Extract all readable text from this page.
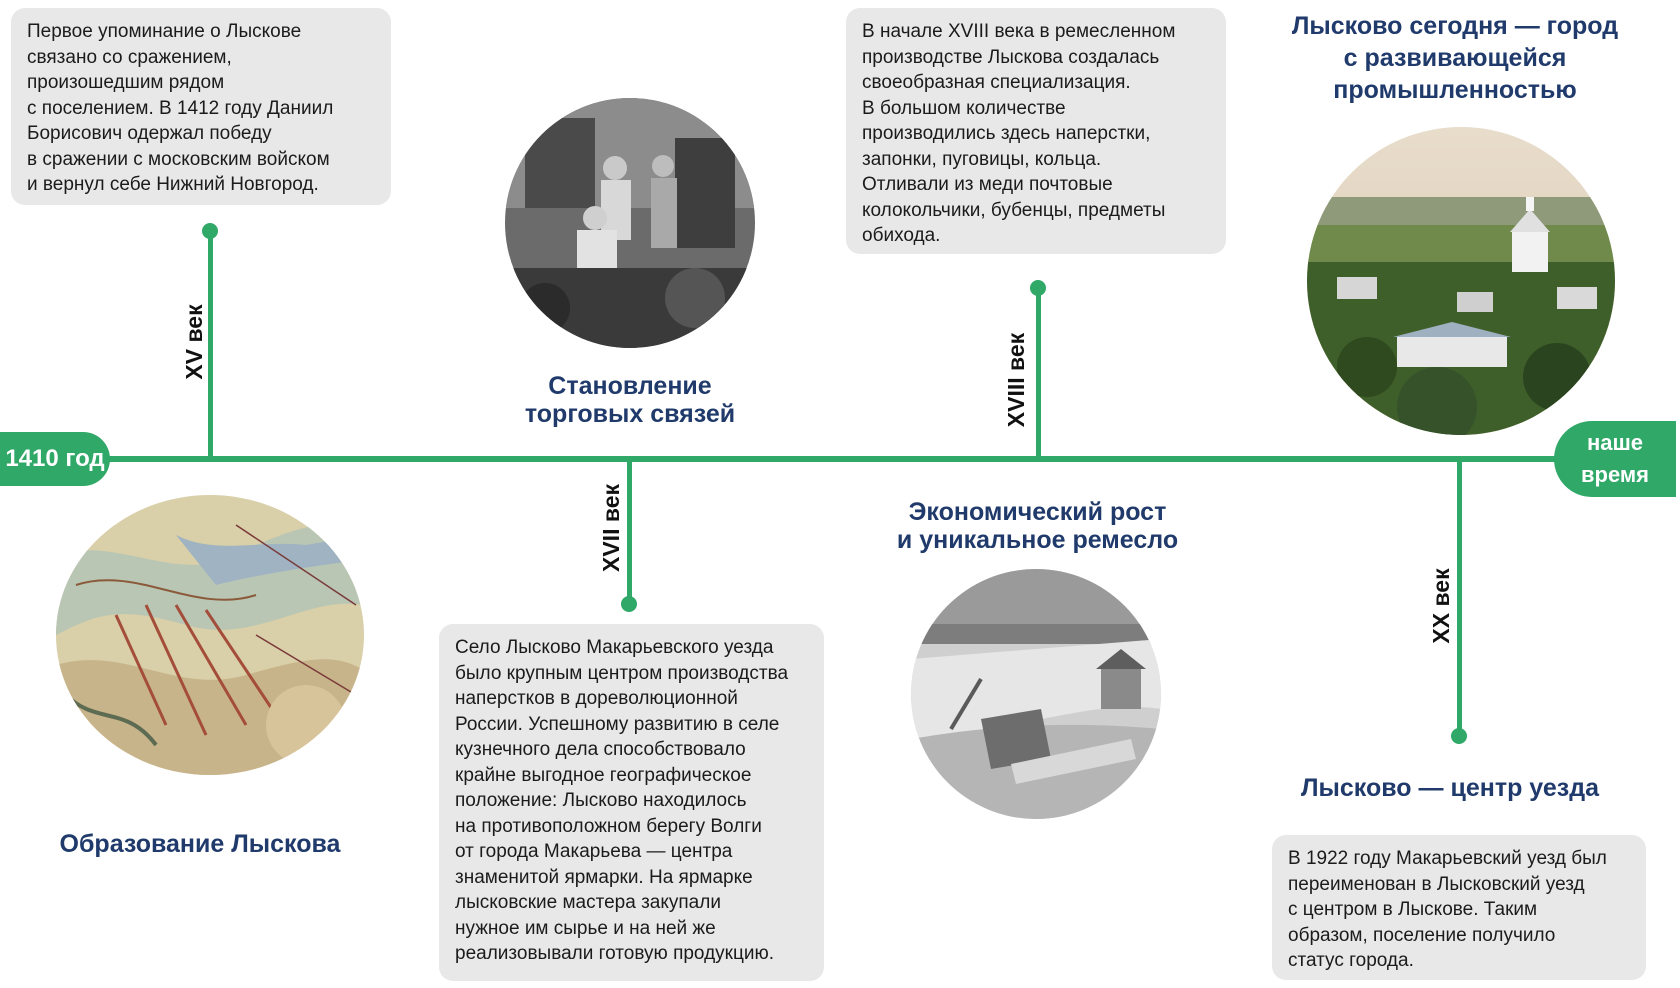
1410 год
наше
время
XV век
XVII век
XVIII век
XX век
Первое упоминание о Лыскове
связано со сражением,
произошедшим рядом
с поселением. В 1412 году Даниил
Борисович одержал победу
в сражении с московским войском
и вернул себе Нижний Новгород.
Село Лысково Макарьевского уезда
было крупным центром производства
наперстков в дореволюционной
России. Успешному развитию в селе
кузнечного дела способствовало
крайне выгодное географическое
положение: Лысково находилось
на противоположном берегу Волги
от города Макарьева — центра
знаменитой ярмарки. На ярмарке
лысковские мастера закупали
нужное им сырье и на ней же
реализовывали готовую продукцию.
В начале XVIII века в ремесленном
производстве Лыскова создалась
своеобразная специализация.
В большом количестве
производились здесь наперстки,
запонки, пуговицы, кольца.
Отливали из меди почтовые
колокольчики, бубенцы, предметы
обихода.
В 1922 году Макарьевский уезд был
переименован в Лысковский уезд
с центром в Лыскове. Таким
образом, поселение получило
статус города.
Образование Лыскова
Становление
торговых связей
Экономический рост
и уникальное ремесло
Лысково — центр уезда
Лысково сегодня — город
с развивающейся
промышленностью
